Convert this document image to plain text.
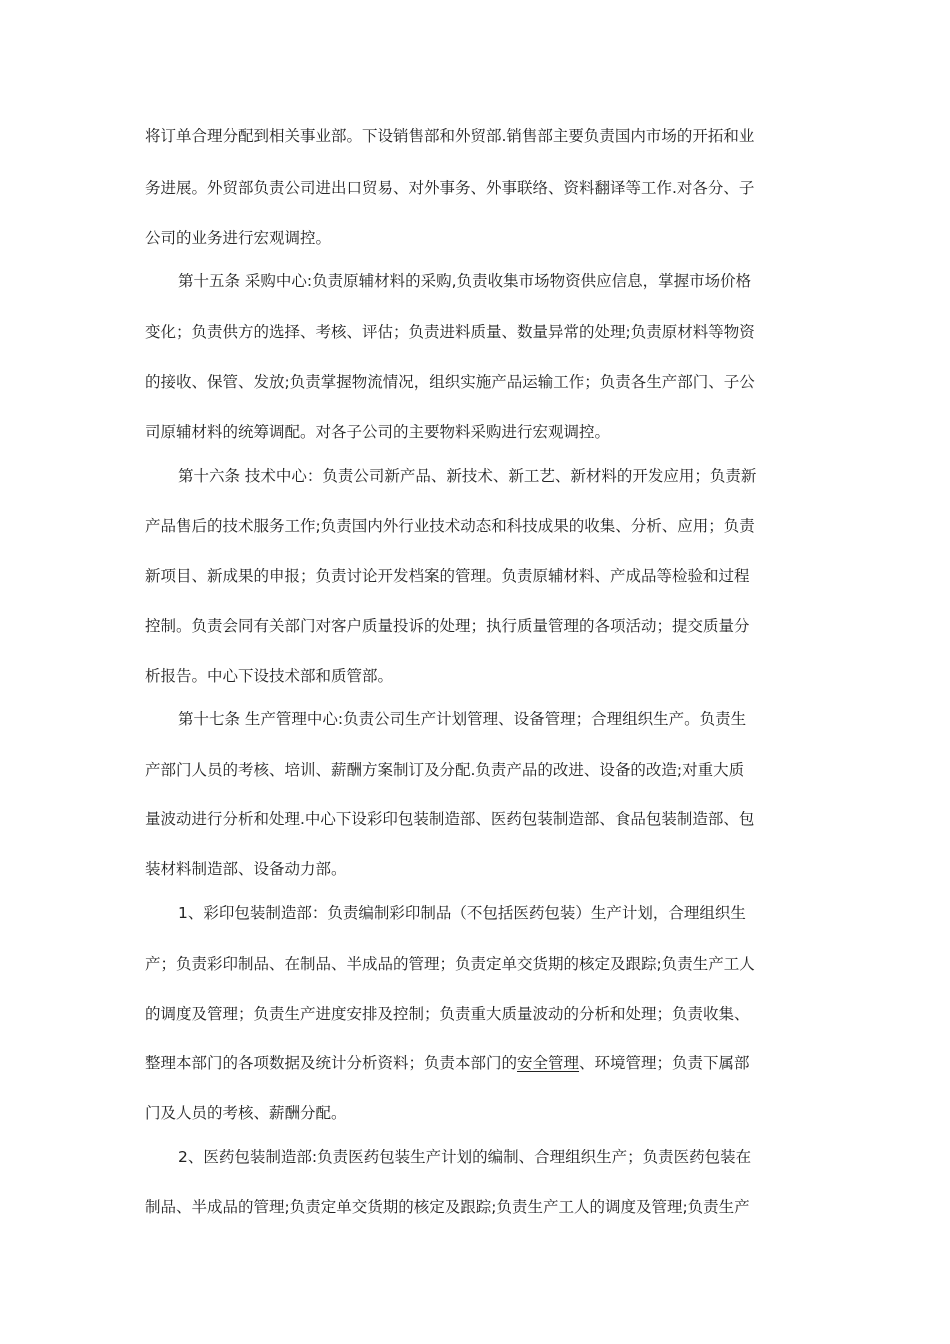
将订单合理分配到相关事业部。下设销售部和外贸部.销售部主要负责国内市场的开拓和业
务进展。外贸部负责公司进出口贸易、对外事务、外事联络、资料翻译等工作.对各分、子
公司的业务进行宏观调控。
第十五条 采购中心:负责原辅材料的采购,负责收集市场物资供应信息，掌握市场价格
变化；负责供方的选择、考核、评估；负责进料质量、数量异常的处理;负责原材料等物资
的接收、保管、发放;负责掌握物流情况，组织实施产品运输工作；负责各生产部门、子公
司原辅材料的统筹调配。对各子公司的主要物料采购进行宏观调控。
第十六条 技术中心：负责公司新产品、新技术、新工艺、新材料的开发应用；负责新
产品售后的技术服务工作;负责国内外行业技术动态和科技成果的收集、分析、应用；负责
新项目、新成果的申报；负责讨论开发档案的管理。负责原辅材料、产成品等检验和过程
控制。负责会同有关部门对客户质量投诉的处理；执行质量管理的各项活动；提交质量分
析报告。中心下设技术部和质管部。
第十七条 生产管理中心:负责公司生产计划管理、设备管理；合理组织生产。负责生
产部门人员的考核、培训、薪酬方案制订及分配.负责产品的改进、设备的改造;对重大质
量波动进行分析和处理.中心下设彩印包装制造部、医药包装制造部、食品包装制造部、包
装材料制造部、设备动力部。
1、彩印包装制造部：负责编制彩印制品（不包括医药包装）生产计划，合理组织生
产；负责彩印制品、在制品、半成品的管理；负责定单交货期的核定及跟踪;负责生产工人
的调度及管理；负责生产进度安排及控制；负责重大质量波动的分析和处理；负责收集、
整理本部门的各项数据及统计分析资料；负责本部门的安全管理、环境管理；负责下属部
门及人员的考核、薪酬分配。
2、医药包装制造部:负责医药包装生产计划的编制、合理组织生产；负责医药包装在
制品、半成品的管理;负责定单交货期的核定及跟踪;负责生产工人的调度及管理;负责生产
